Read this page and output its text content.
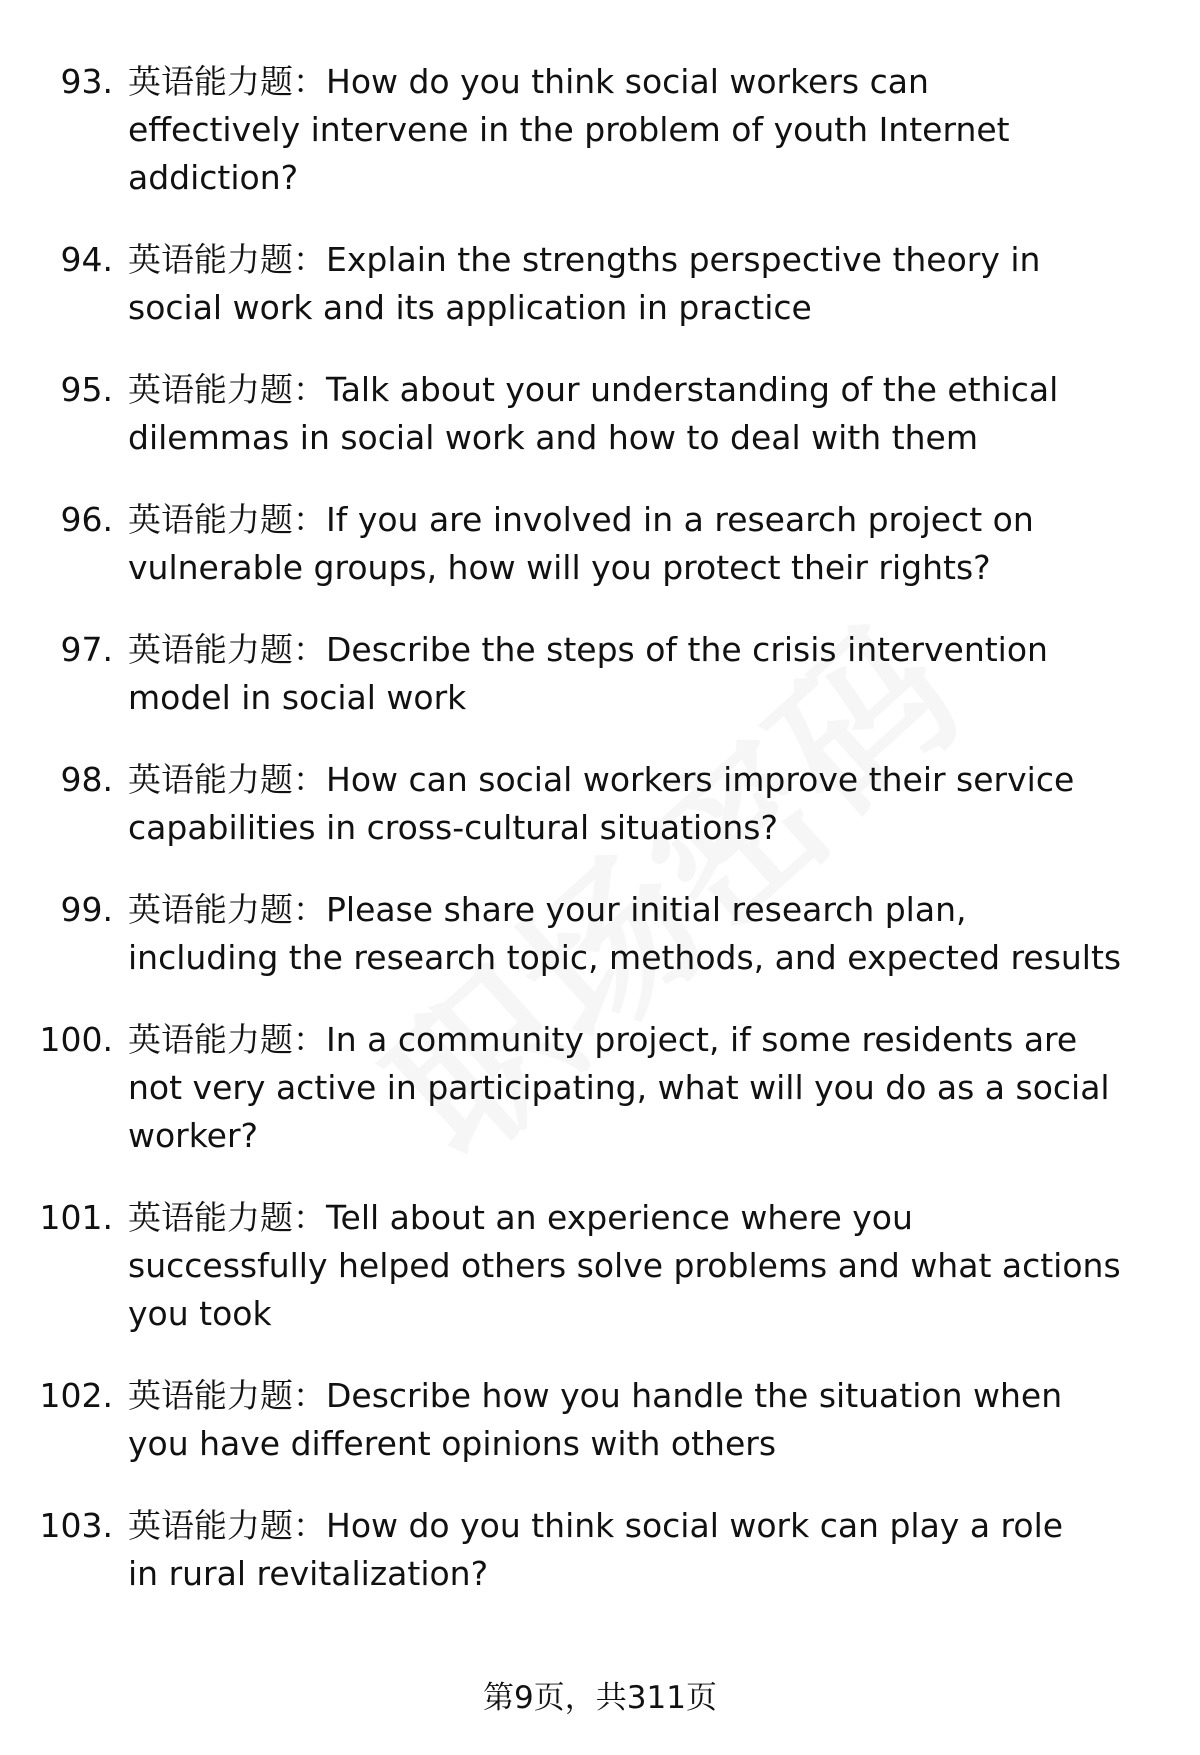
93. 英语能力题：How do you think social workers can
effectively intervene in the problem of youth Internet
addiction?
94. 英语能力题：Explain the strengths perspective theory in
social work and its application in practice
95. 英语能力题：Talk about your understanding of the ethical
dilemmas in social work and how to deal with them
96. 英语能力题：If you are involved in a research project on
vulnerable groups, how will you protect their rights?
97. 英语能力题：Describe the steps of the crisis intervention
model in social work
98. 英语能力题：How can social workers improve their service
capabilities in cross-cultural situations?
99. 英语能力题：Please share your initial research plan,
including the research topic, methods, and expected results
100. 英语能力题：In a community project, if some residents are
not very active in participating, what will you do as a social
worker?
101. 英语能力题：Tell about an experience where you
successfully helped others solve problems and what actions
you took
102. 英语能力题：Describe how you handle the situation when
you have different opinions with others
103. 英语能力题：How do you think social work can play a role
in rural revitalization?
第9页，共311页
